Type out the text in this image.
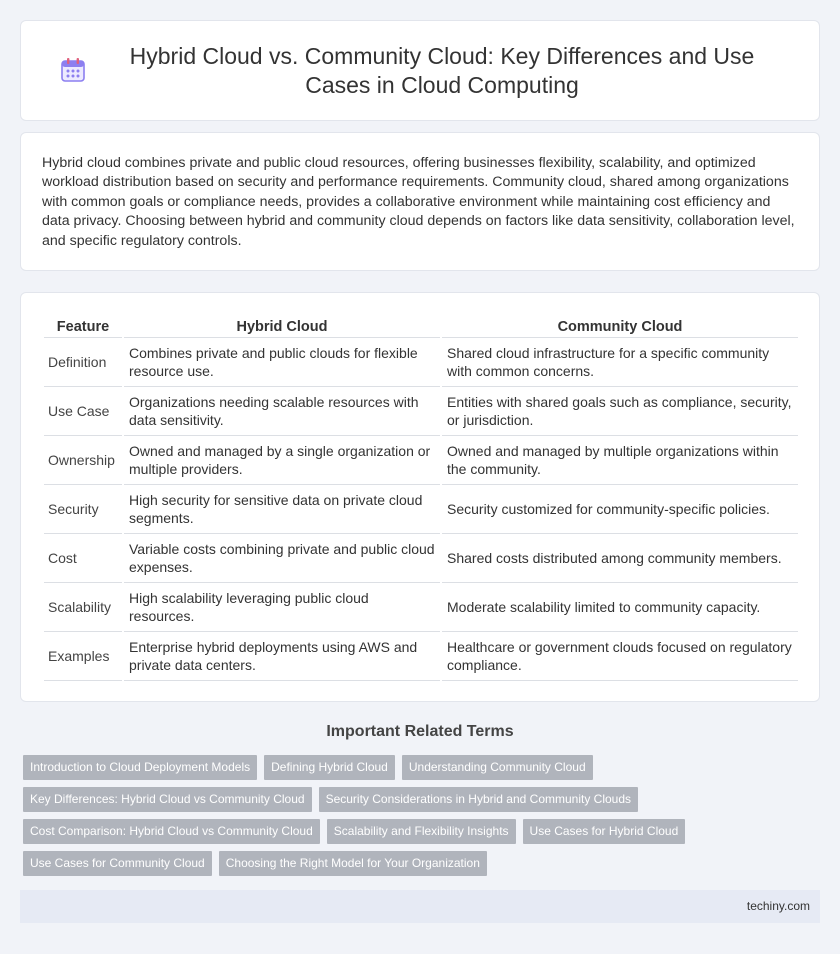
Hybrid Cloud vs. Community Cloud: Key Differences and Use Cases in Cloud Computing

Hybrid cloud combines private and public cloud resources, offering businesses flexibility, scalability, and optimized workload distribution based on security and performance requirements. Community cloud, shared among organizations with common goals or compliance needs, provides a collaborative environment while maintaining cost efficiency and data privacy. Choosing between hybrid and community cloud depends on factors like data sensitivity, collaboration level, and specific regulatory controls.

Feature	Hybrid Cloud	Community Cloud
Definition	Combines private and public clouds for flexible resource use.	Shared cloud infrastructure for a specific community with common concerns.
Use Case	Organizations needing scalable resources with data sensitivity.	Entities with shared goals such as compliance, security, or jurisdiction.
Ownership	Owned and managed by a single organization or multiple providers.	Owned and managed by multiple organizations within the community.
Security	High security for sensitive data on private cloud segments.	Security customized for community-specific policies.
Cost	Variable costs combining private and public cloud expenses.	Shared costs distributed among community members.
Scalability	High scalability leveraging public cloud resources.	Moderate scalability limited to community capacity.
Examples	Enterprise hybrid deployments using AWS and private data centers.	Healthcare or government clouds focused on regulatory compliance.
Important Related Terms
Introduction to Cloud Deployment Models	Defining Hybrid Cloud	Understanding Community Cloud
Key Differences: Hybrid Cloud vs Community Cloud	Security Considerations in Hybrid and Community Clouds
Cost Comparison: Hybrid Cloud vs Community Cloud	Scalability and Flexibility Insights	Use Cases for Hybrid Cloud
Use Cases for Community Cloud	Choosing the Right Model for Your Organization
techiny.com
